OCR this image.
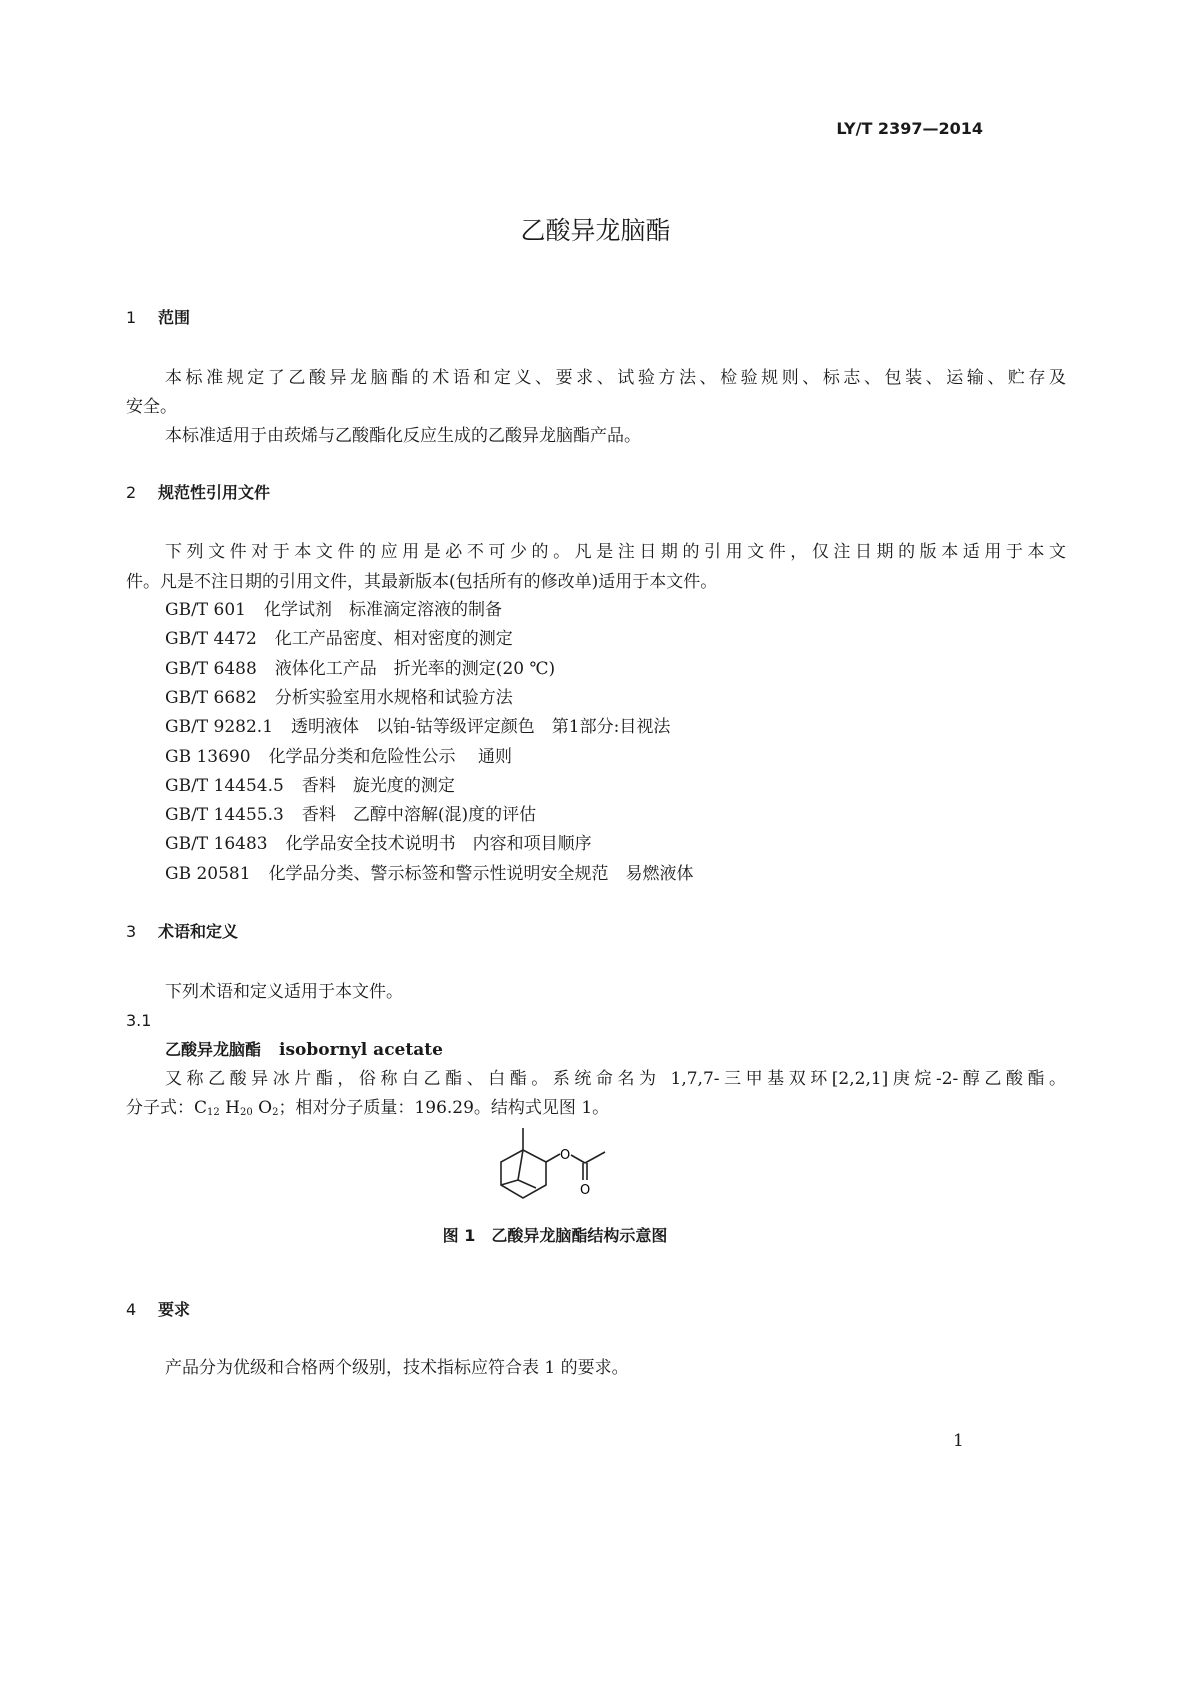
LY/T 2397—2014
乙酸异龙脑酯
1 范围
本标准规定了乙酸异龙脑酯的术语和定义、要求、试验方法、检验规则、标志、包装、运输、贮存及
安全。
本标准适用于由莰烯与乙酸酯化反应生成的乙酸异龙脑酯产品。
2 规范性引用文件
下列文件对于本文件的应用是必不可少的。凡是注日期的引用文件，仅注日期的版本适用于本文
件。凡是不注日期的引用文件，其最新版本(包括所有的修改单)适用于本文件。
GB/T 601 化学试剂　标准滴定溶液的制备
GB/T 4472 化工产品密度、相对密度的测定
GB/T 6488 液体化工产品　折光率的测定(20 ℃)
GB/T 6682 分析实验室用水规格和试验方法
GB/T 9282.1 透明液体　以铂-钴等级评定颜色　第1部分:目视法
GB 13690 化学品分类和危险性公示　 通则
GB/T 14454.5 香料　旋光度的测定
GB/T 14455.3 香料　乙醇中溶解(混)度的评估
GB/T 16483 化学品安全技术说明书　内容和项目顺序
GB 20581 化学品分类、警示标签和警示性说明安全规范　易燃液体
3 术语和定义
下列术语和定义适用于本文件。
3.1
乙酸异龙脑酯 isobornyl acetate
又称乙酸异冰片酯，俗称白乙酯、白酯。系统命名为 1,7,7-三甲基双环[2,2,1]庚烷-2-醇乙酸酯。
分子式：$C_{12}$ $H_{20}$ $O_2$；相对分子质量：196.29。结构式见图 1。
O
O
图 1　乙酸异龙脑酯结构示意图
4 要求
产品分为优级和合格两个级别，技术指标应符合表 1 的要求。
1
